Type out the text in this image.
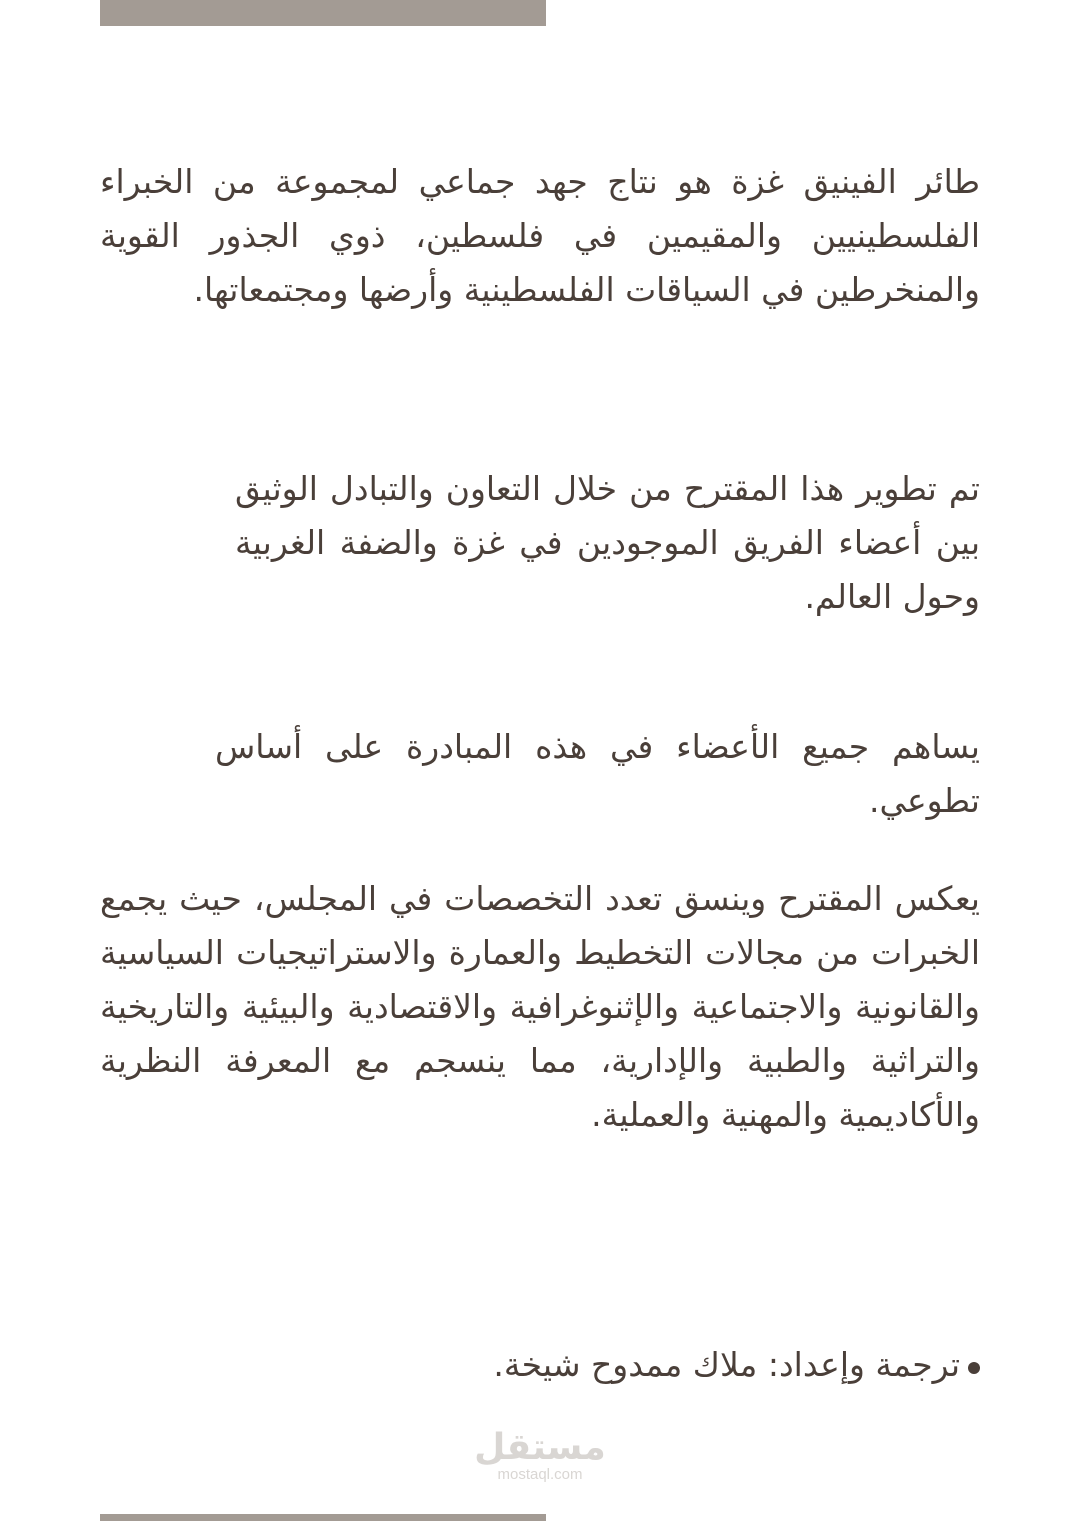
طائر الفينيق غزة هو نتاج جهد جماعي لمجموعة من الخبراء الفلسطينيين والمقيمين في فلسطين، ذوي الجذور القوية والمنخرطين في السياقات الفلسطينية وأرضها ومجتمعاتها.

تم تطوير هذا المقترح من خلال التعاون والتبادل الوثيق بين أعضاء الفريق الموجودين في غزة والضفة الغربية وحول العالم.

يساهم جميع الأعضاء في هذه المبادرة على أساس تطوعي.

يعكس المقترح وينسق تعدد التخصصات في المجلس، حيث يجمع الخبرات من مجالات التخطيط والعمارة والاستراتيجيات السياسية والقانونية والاجتماعية والإثنوغرافية والاقتصادية والبيئية والتاريخية والتراثية والطبية والإدارية، مما ينسجم مع المعرفة النظرية والأكاديمية والمهنية والعملية.

ترجمة وإعداد: ملاك ممدوح شيخة.
مستقل
mostaql.com
